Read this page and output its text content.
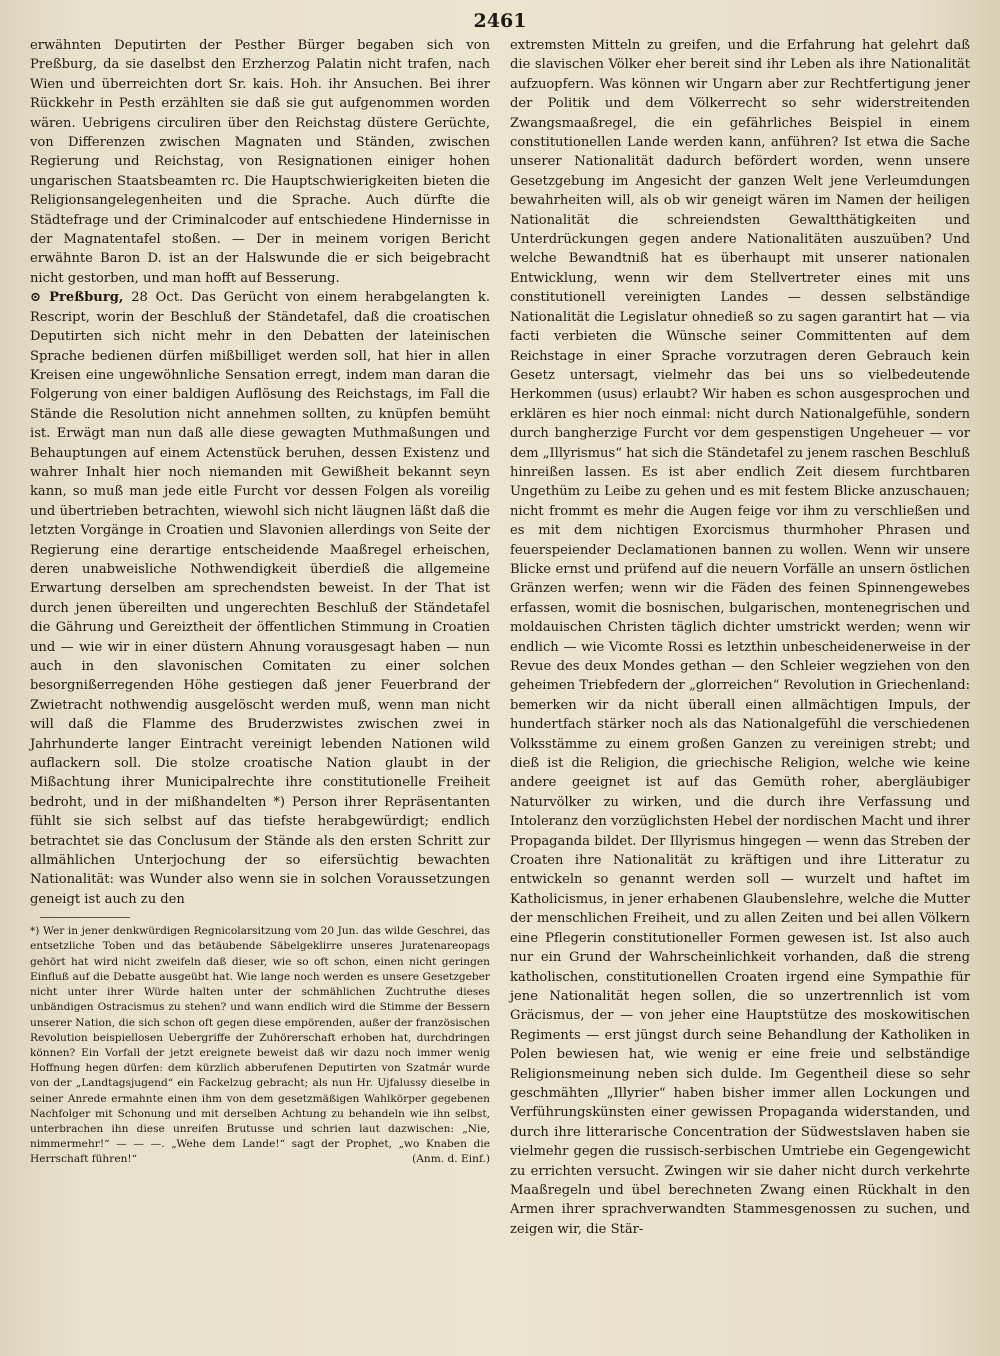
2461

erwähnten Deputirten der Pesther Bürger begaben sich von Preßburg, da sie daselbst den Erzherzog Palatin nicht trafen, nach Wien und überreichten dort Sr. kais. Hoh. ihr Ansuchen. Bei ihrer Rückkehr in Pesth erzählten sie daß sie gut aufgenommen worden wären. Uebrigens circuliren über den Reichstag düstere Gerüchte, von Differenzen zwischen Magnaten und Ständen, zwischen Regierung und Reichstag, von Resignationen einiger hohen ungarischen Staatsbeamten rc. Die Hauptschwierigkeiten bieten die Religionsangelegenheiten und die Sprache. Auch dürfte die Städtefrage und der Criminalcoder auf entschiedene Hindernisse in der Magnatentafel stoßen. — Der in meinem vorigen Bericht erwähnte Baron D. ist an der Halswunde die er sich beigebracht nicht gestorben, und man hofft auf Besserung.

⊙ Preßburg, 28 Oct. Das Gerücht von einem herabgelangten k. Rescript, worin der Beschluß der Ständetafel, daß die croatischen Deputirten sich nicht mehr in den Debatten der lateinischen Sprache bedienen dürfen mißbilliget werden soll, hat hier in allen Kreisen eine ungewöhnliche Sensation erregt, indem man daran die Folgerung von einer baldigen Auflösung des Reichstags, im Fall die Stände die Resolution nicht annehmen sollten, zu knüpfen bemüht ist. Erwägt man nun daß alle diese gewagten Muthmaßungen und Behauptungen auf einem Actenstück beruhen, dessen Existenz und wahrer Inhalt hier noch niemanden mit Gewißheit bekannt seyn kann, so muß man jede eitle Furcht vor dessen Folgen als voreilig und übertrieben betrachten, wiewohl sich nicht läugnen läßt daß die letzten Vorgänge in Croatien und Slavonien allerdings von Seite der Regierung eine derartige entscheidende Maaßregel erheischen, deren unabweisliche Nothwendigkeit überdieß die allgemeine Erwartung derselben am sprechendsten beweist. In der That ist durch jenen übereilten und ungerechten Beschluß der Ständetafel die Gährung und Gereiztheit der öffentlichen Stimmung in Croatien und — wie wir in einer düstern Ahnung vorausgesagt haben — nun auch in den slavonischen Comitaten zu einer solchen besorgnißerregenden Höhe gestiegen daß jener Feuerbrand der Zwietracht nothwendig ausgelöscht werden muß, wenn man nicht will daß die Flamme des Bruderzwistes zwischen zwei in Jahrhunderte langer Eintracht vereinigt lebenden Nationen wild auflackern soll. Die stolze croatische Nation glaubt in der Mißachtung ihrer Municipalrechte ihre constitutionelle Freiheit bedroht, und in der mißhandelten *) Person ihrer Repräsentanten fühlt sie sich selbst auf das tiefste herabgewürdigt; endlich betrachtet sie das Conclusum der Stände als den ersten Schritt zur allmählichen Unterjochung der so eifersüchtig bewachten Nationalität: was Wunder also wenn sie in solchen Voraussetzungen geneigt ist auch zu den

*) Wer in jener denkwürdigen Regnicolarsitzung vom 20 Jun. das wilde Geschrei, das entsetzliche Toben und das betäubende Säbelgeklirre unseres Juratenareopags gehört hat wird nicht zweifeln daß dieser, wie so oft schon, einen nicht geringen Einfluß auf die Debatte ausgeübt hat. Wie lange noch werden es unsere Gesetzgeber nicht unter ihrer Würde halten unter der schmählichen Zuchtruthe dieses unbändigen Ostracismus zu stehen? und wann endlich wird die Stimme der Bessern unserer Nation, die sich schon oft gegen diese empörenden, außer der französischen Revolution beispiellosen Uebergriffe der Zuhörerschaft erhoben hat, durchdringen können? Ein Vorfall der jetzt ereignete beweist daß wir dazu noch immer wenig Hoffnung hegen dürfen: dem kürzlich abberufenen Deputirten von Szatmár wurde von der „Landtagsjugend“ ein Fackelzug gebracht; als nun Hr. Ujfalussy dieselbe in seiner Anrede ermahnte einen ihm von dem gesetzmäßigen Wahlkörper gegebenen Nachfolger mit Schonung und mit derselben Achtung zu behandeln wie ihn selbst, unterbrachen ihn diese unreifen Brutusse und schrien laut dazwischen: „Nie, nimmermehr!“ — — —. „Wehe dem Lande!“ sagt der Prophet, „wo Knaben die Herrschaft führen!“	(Anm. d. Einf.)

extremsten Mitteln zu greifen, und die Erfahrung hat gelehrt daß die slavischen Völker eher bereit sind ihr Leben als ihre Nationalität aufzuopfern. Was können wir Ungarn aber zur Rechtfertigung jener der Politik und dem Völkerrecht so sehr widerstreitenden Zwangsmaaßregel, die ein gefährliches Beispiel in einem constitutionellen Lande werden kann, anführen? Ist etwa die Sache unserer Nationalität dadurch befördert worden, wenn unsere Gesetzgebung im Angesicht der ganzen Welt jene Verleumdungen bewahrheiten will, als ob wir geneigt wären im Namen der heiligen Nationalität die schreiendsten Gewaltthätigkeiten und Unterdrückungen gegen andere Nationalitäten auszuüben? Und welche Bewandtniß hat es überhaupt mit unserer nationalen Entwicklung, wenn wir dem Stellvertreter eines mit uns constitutionell vereinigten Landes — dessen selbständige Nationalität die Legislatur ohnedieß so zu sagen garantirt hat — via facti verbieten die Wünsche seiner Committenten auf dem Reichstage in einer Sprache vorzutragen deren Gebrauch kein Gesetz untersagt, vielmehr das bei uns so vielbedeutende Herkommen (usus) erlaubt? Wir haben es schon ausgesprochen und erklären es hier noch einmal: nicht durch Nationalgefühle, sondern durch bangherzige Furcht vor dem gespenstigen Ungeheuer — vor dem „Illyrismus“ hat sich die Ständetafel zu jenem raschen Beschluß hinreißen lassen. Es ist aber endlich Zeit diesem furchtbaren Ungethüm zu Leibe zu gehen und es mit festem Blicke anzuschauen; nicht frommt es mehr die Augen feige vor ihm zu verschließen und es mit dem nichtigen Exorcismus thurmhoher Phrasen und feuerspeiender Declamationen bannen zu wollen. Wenn wir unsere Blicke ernst und prüfend auf die neuern Vorfälle an unsern östlichen Gränzen werfen; wenn wir die Fäden des feinen Spinnengewebes erfassen, womit die bosnischen, bulgarischen, montenegrischen und moldauischen Christen täglich dichter umstrickt werden; wenn wir endlich — wie Vicomte Rossi es letzthin unbescheidenerweise in der Revue des deux Mondes gethan — den Schleier wegziehen von den geheimen Triebfedern der „glorreichen“ Revolution in Griechenland: bemerken wir da nicht überall einen allmächtigen Impuls, der hundertfach stärker noch als das Nationalgefühl die verschiedenen Volksstämme zu einem großen Ganzen zu vereinigen strebt; und dieß ist die Religion, die griechische Religion, welche wie keine andere geeignet ist auf das Gemüth roher, abergläubiger Naturvölker zu wirken, und die durch ihre Verfassung und Intoleranz den vorzüglichsten Hebel der nordischen Macht und ihrer Propaganda bildet. Der Illyrismus hingegen — wenn das Streben der Croaten ihre Nationalität zu kräftigen und ihre Litteratur zu entwickeln so genannt werden soll — wurzelt und haftet im Katholicismus, in jener erhabenen Glaubenslehre, welche die Mutter der menschlichen Freiheit, und zu allen Zeiten und bei allen Völkern eine Pflegerin constitutioneller Formen gewesen ist. Ist also auch nur ein Grund der Wahrscheinlichkeit vorhanden, daß die streng katholischen, constitutionellen Croaten irgend eine Sympathie für jene Nationalität hegen sollen, die so unzertrennlich ist vom Gräcismus, der — von jeher eine Hauptstütze des moskowitischen Regiments — erst jüngst durch seine Behandlung der Katholiken in Polen bewiesen hat, wie wenig er eine freie und selbständige Religionsmeinung neben sich dulde. Im Gegentheil diese so sehr geschmähten „Illyrier“ haben bisher immer allen Lockungen und Verführungskünsten einer gewissen Propaganda widerstanden, und durch ihre litterarische Concentration der Südwestslaven haben sie vielmehr gegen die russisch-serbischen Umtriebe ein Gegengewicht zu errichten versucht. Zwingen wir sie daher nicht durch verkehrte Maaßregeln und übel berechneten Zwang einen Rückhalt in den Armen ihrer sprachverwandten Stammesgenossen zu suchen, und zeigen wir, die Stär-
